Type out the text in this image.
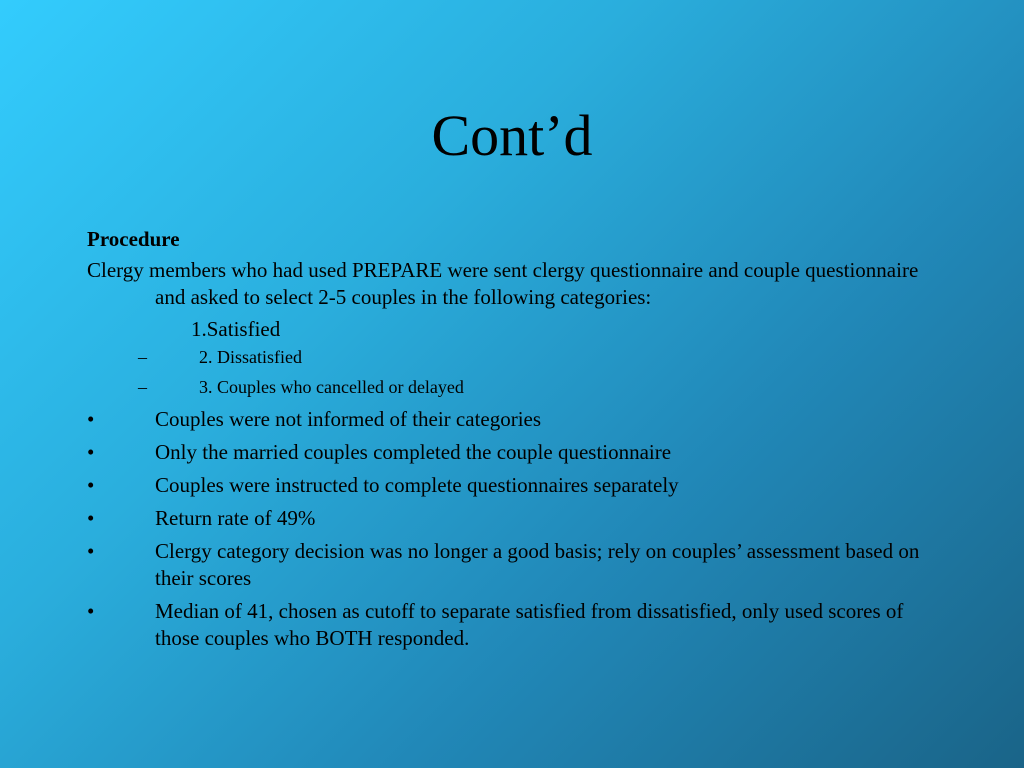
Cont’d
Procedure
Clergy members who had used PREPARE were sent clergy questionnaire and couple questionnaire and asked to select 2-5 couples in the following categories:
1.Satisfied
–	2. Dissatisfied
–	3. Couples who cancelled or delayed
•	Couples were not informed of their categories
•	Only the married couples completed the couple questionnaire
•	Couples were instructed to complete questionnaires separately
•	Return rate of 49%
•	Clergy category decision was no longer a good basis; rely on couples’ assessment based on their scores
•	Median of 41, chosen as cutoff to separate satisfied from dissatisfied, only used scores of those couples who BOTH responded.
